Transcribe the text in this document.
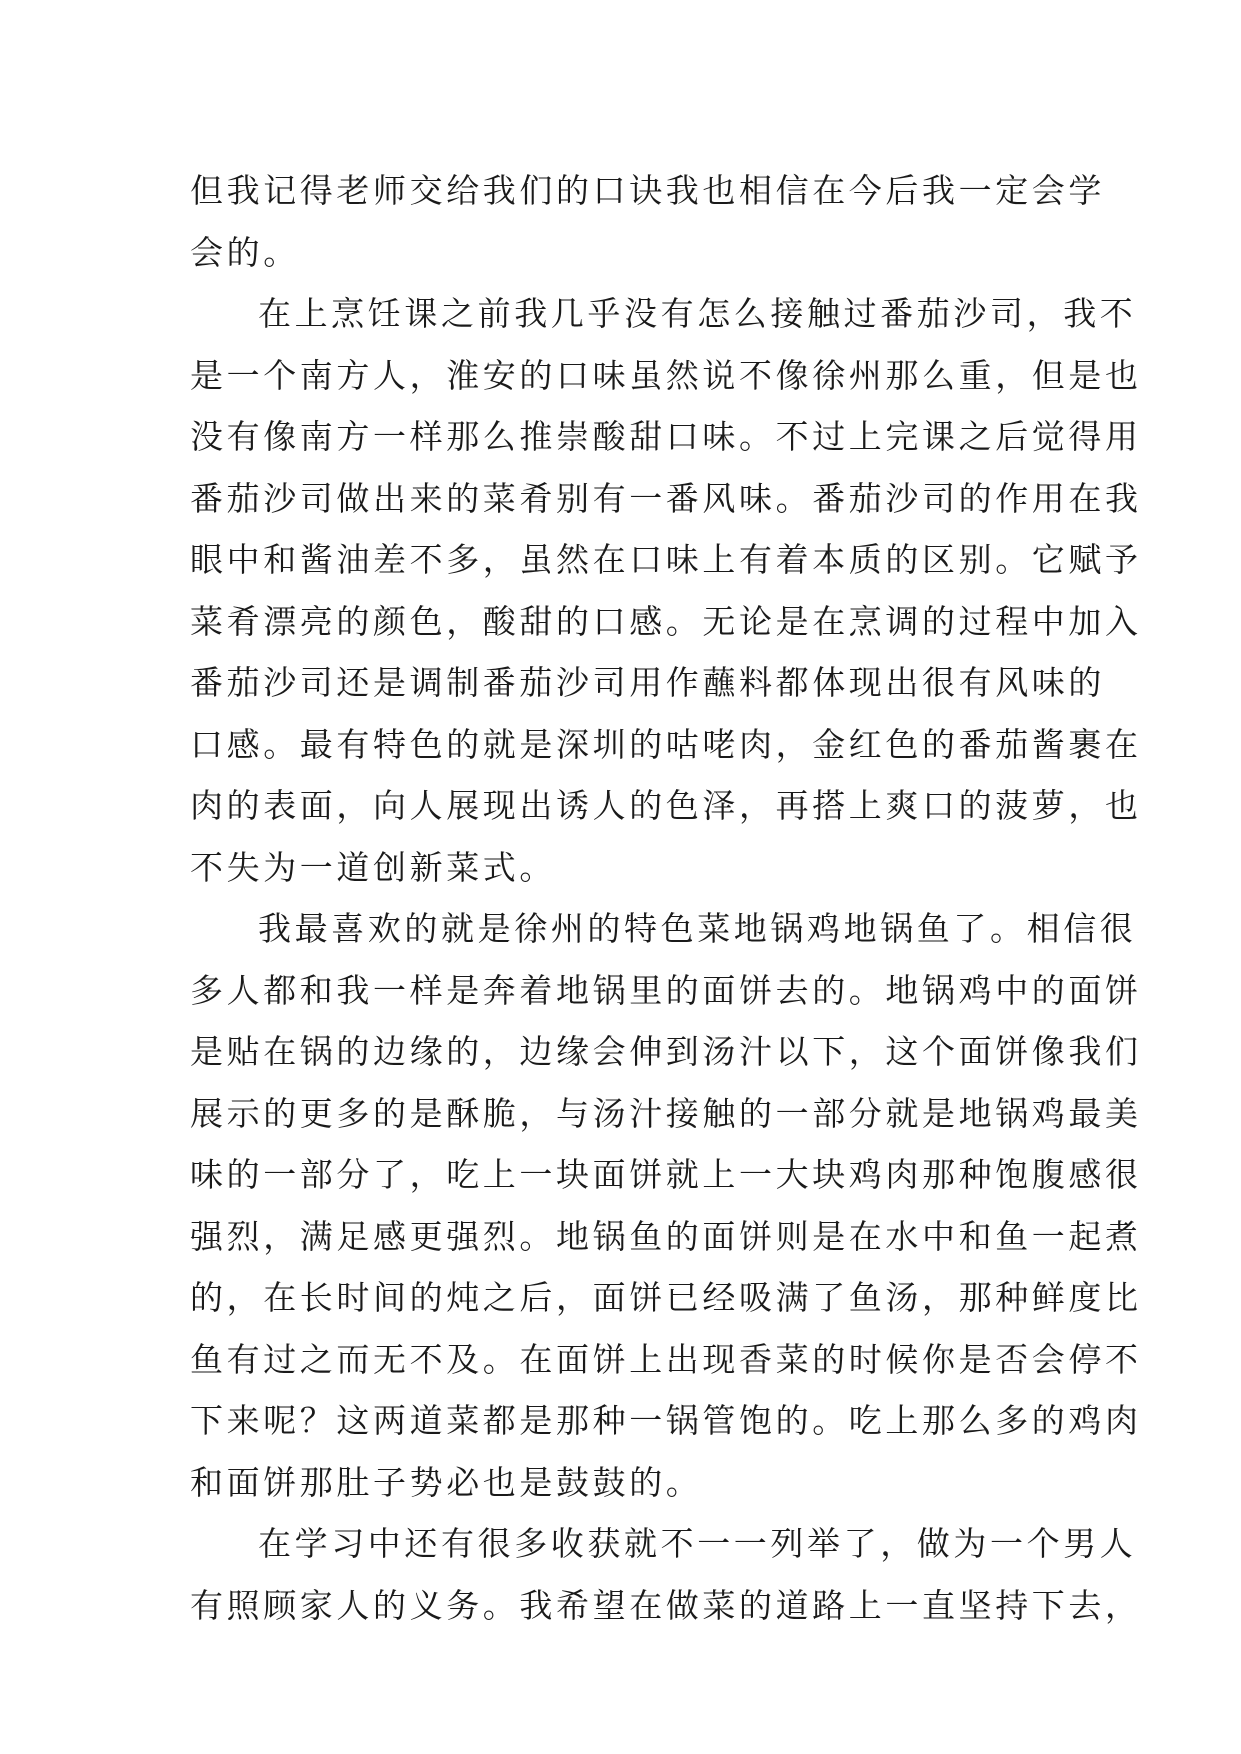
但我记得老师交给我们的口诀我也相信在今后我一定会学
会的。
在上烹饪课之前我几乎没有怎么接触过番茄沙司，我不
是一个南方人，淮安的口味虽然说不像徐州那么重，但是也
没有像南方一样那么推崇酸甜口味。不过上完课之后觉得用
番茄沙司做出来的菜肴别有一番风味。番茄沙司的作用在我
眼中和酱油差不多，虽然在口味上有着本质的区别。它赋予
菜肴漂亮的颜色，酸甜的口感。无论是在烹调的过程中加入
番茄沙司还是调制番茄沙司用作蘸料都体现出很有风味的
口感。最有特色的就是深圳的咕咾肉，金红色的番茄酱裹在
肉的表面，向人展现出诱人的色泽，再搭上爽口的菠萝，也
不失为一道创新菜式。
我最喜欢的就是徐州的特色菜地锅鸡地锅鱼了。相信很
多人都和我一样是奔着地锅里的面饼去的。地锅鸡中的面饼
是贴在锅的边缘的，边缘会伸到汤汁以下，这个面饼像我们
展示的更多的是酥脆，与汤汁接触的一部分就是地锅鸡最美
味的一部分了，吃上一块面饼就上一大块鸡肉那种饱腹感很
强烈，满足感更强烈。地锅鱼的面饼则是在水中和鱼一起煮
的，在长时间的炖之后，面饼已经吸满了鱼汤，那种鲜度比
鱼有过之而无不及。在面饼上出现香菜的时候你是否会停不
下来呢？这两道菜都是那种一锅管饱的。吃上那么多的鸡肉
和面饼那肚子势必也是鼓鼓的。
在学习中还有很多收获就不一一列举了，做为一个男人
有照顾家人的义务。我希望在做菜的道路上一直坚持下去，
